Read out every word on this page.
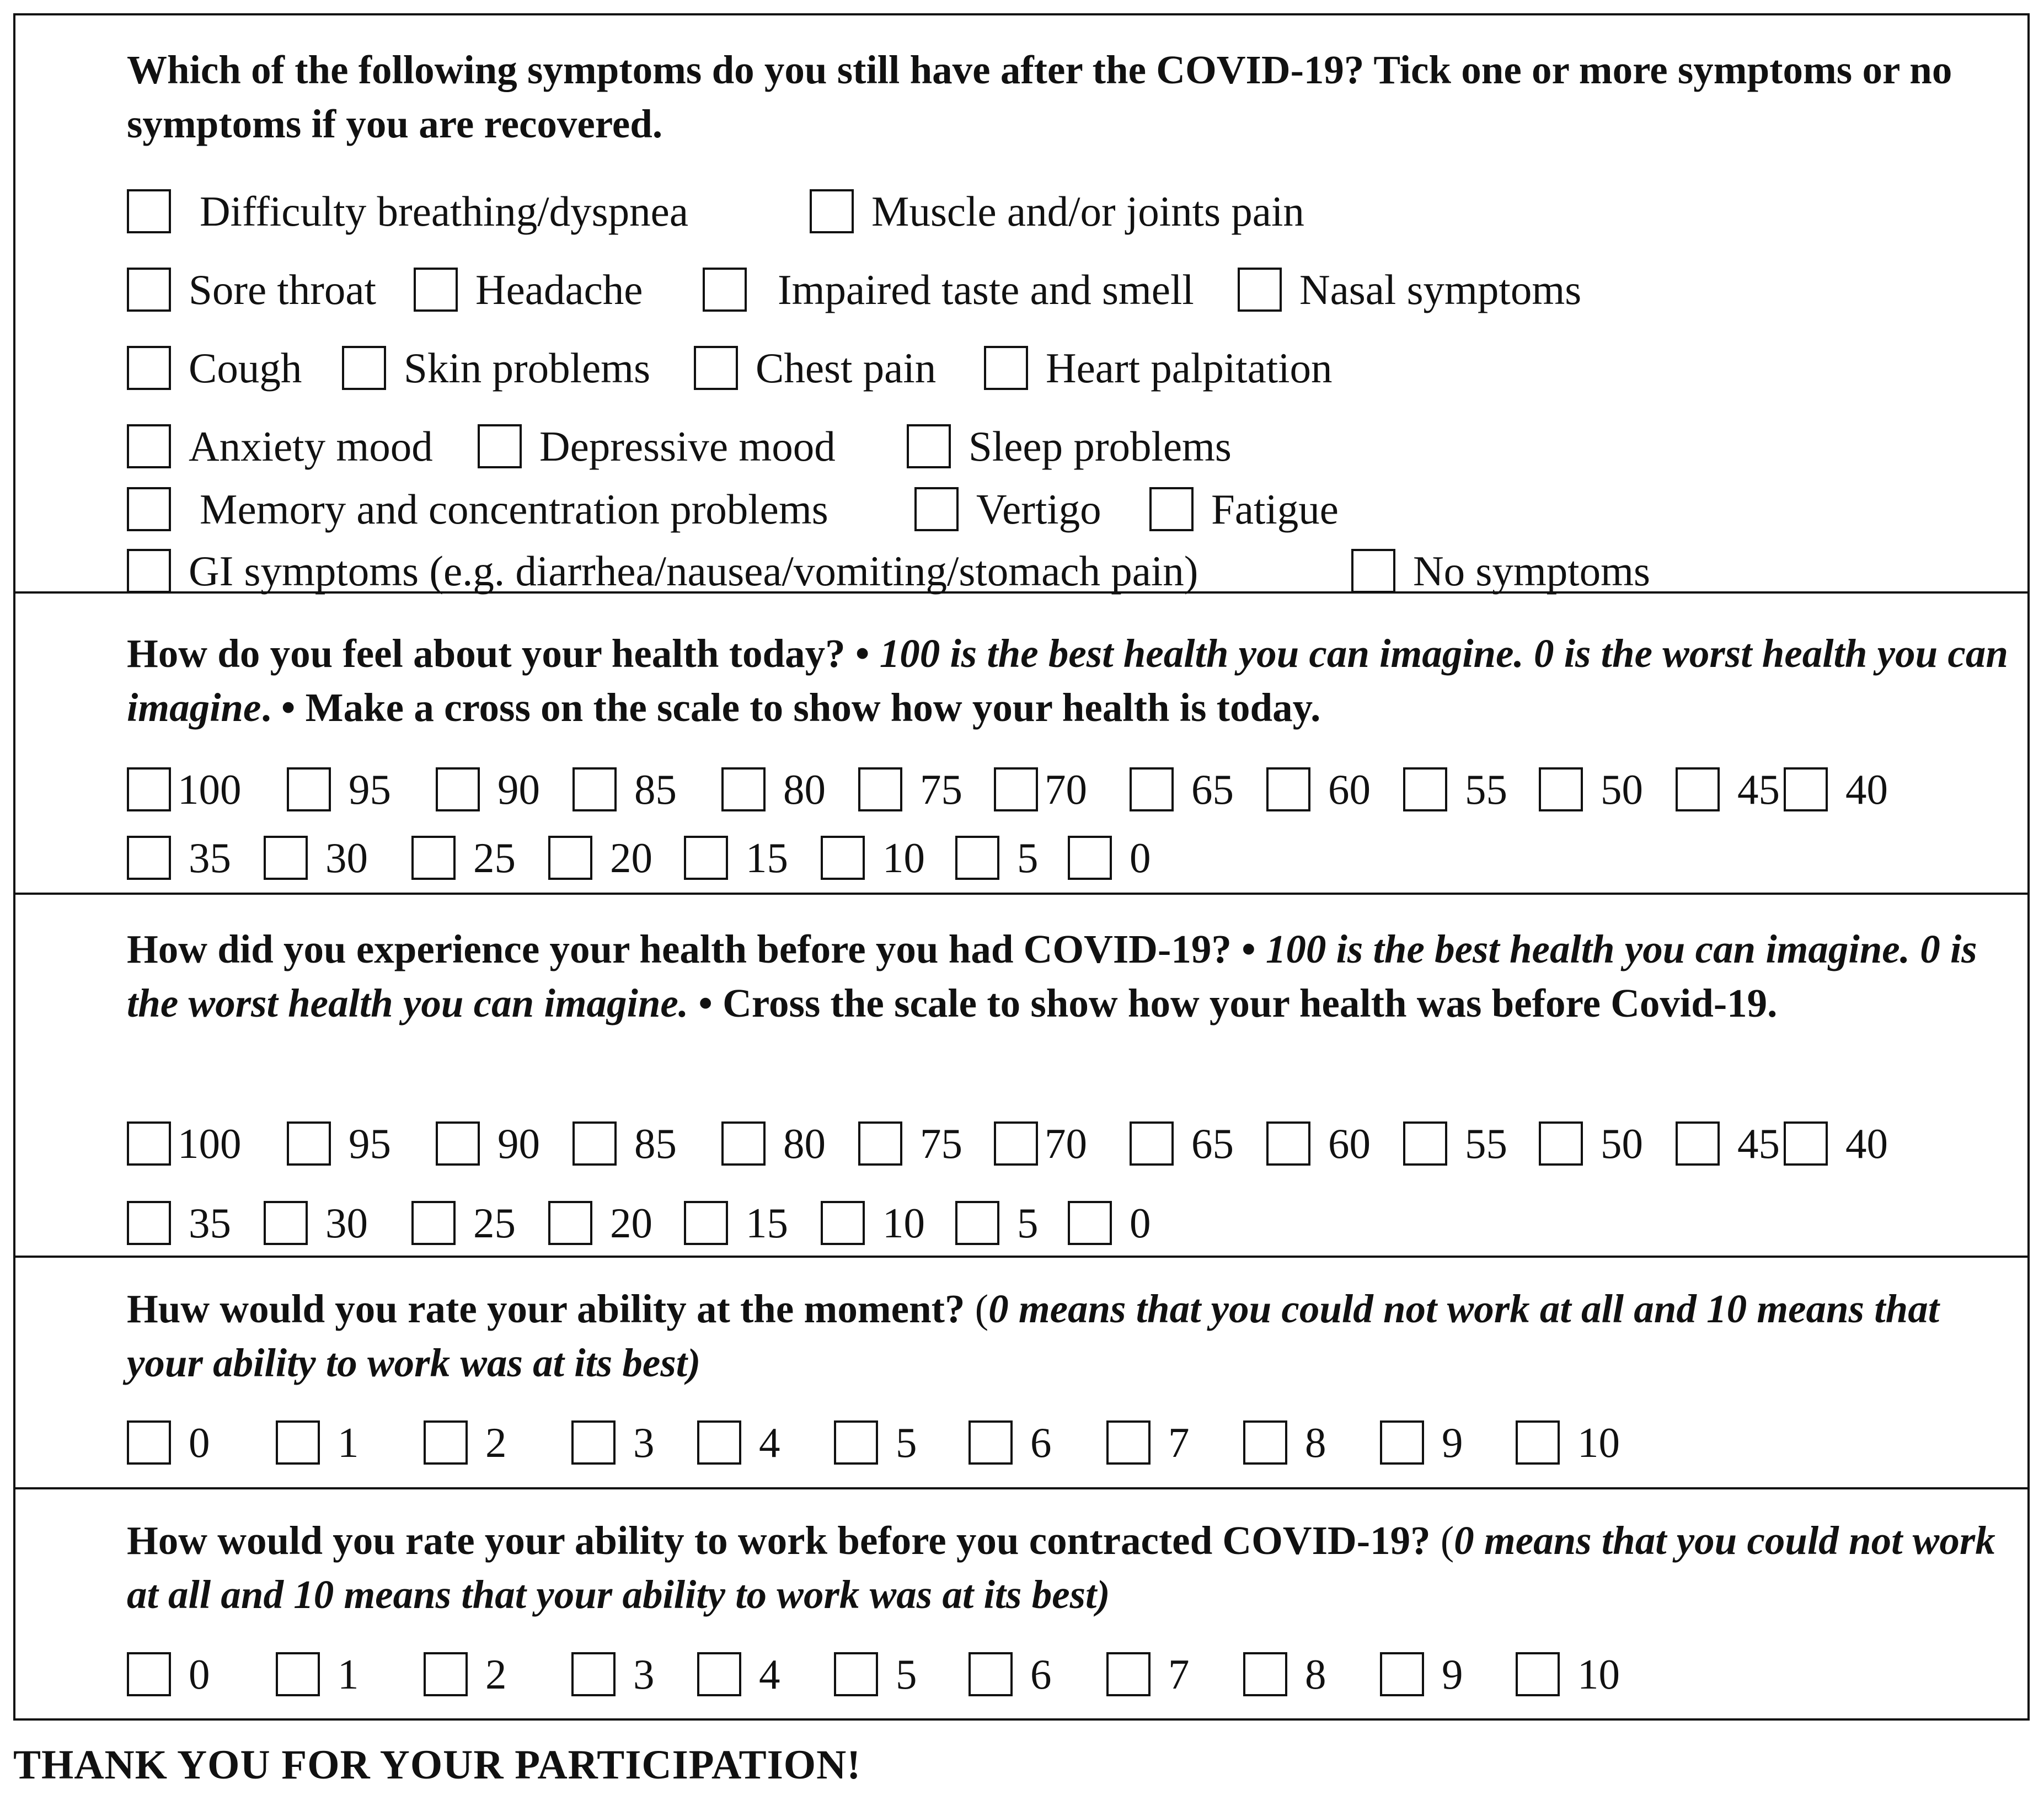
Which of the following symptoms do you still have after the COVID-19? Tick one or more symptoms or no symptoms if you are recovered.

Difficulty breathing/dyspnea	Muscle and/or joints pain
Sore throat Headache	Impaired taste and smell Nasal symptoms
Cough Skin problems Chest pain	Heart palpitation
Anxiety mood	Depressive mood	Sleep problems
Memory and concentration problems	Vertigo	Fatigue
GI symptoms (e.g. diarrhea/nausea/vomiting/stomach pain)	No symptoms

How do you feel about your health today? • 100 is the best health you can imagine. 0 is the worst health you can imagine. • Make a cross on the scale to show how your health is today.

100	95	90 85	80 75 70 65 60 55 50 45 40
35 30 25 20 15 10 5 0

How did you experience your health before you had COVID-19? • 100 is the best health you can imagine. 0 is the worst health you can imagine. • Cross the scale to show how your health was before Covid-19.

100	95	90 85	80 75 70 65 60 55 50 45 40
35 30 25 20 15 10 5 0

Huw would you rate your ability at the moment? (0 means that you could not work at all and 10 means that your ability to work was at its best)

0	1	2	3 4	5	6	7	8	9	10

How would you rate your ability to work before you contracted COVID-19? (0 means that you could not work at all and 10 means that your ability to work was at its best)

0	1	2	3 4	5	6	7	8	9	10

THANK YOU FOR YOUR PARTICIPATION!
